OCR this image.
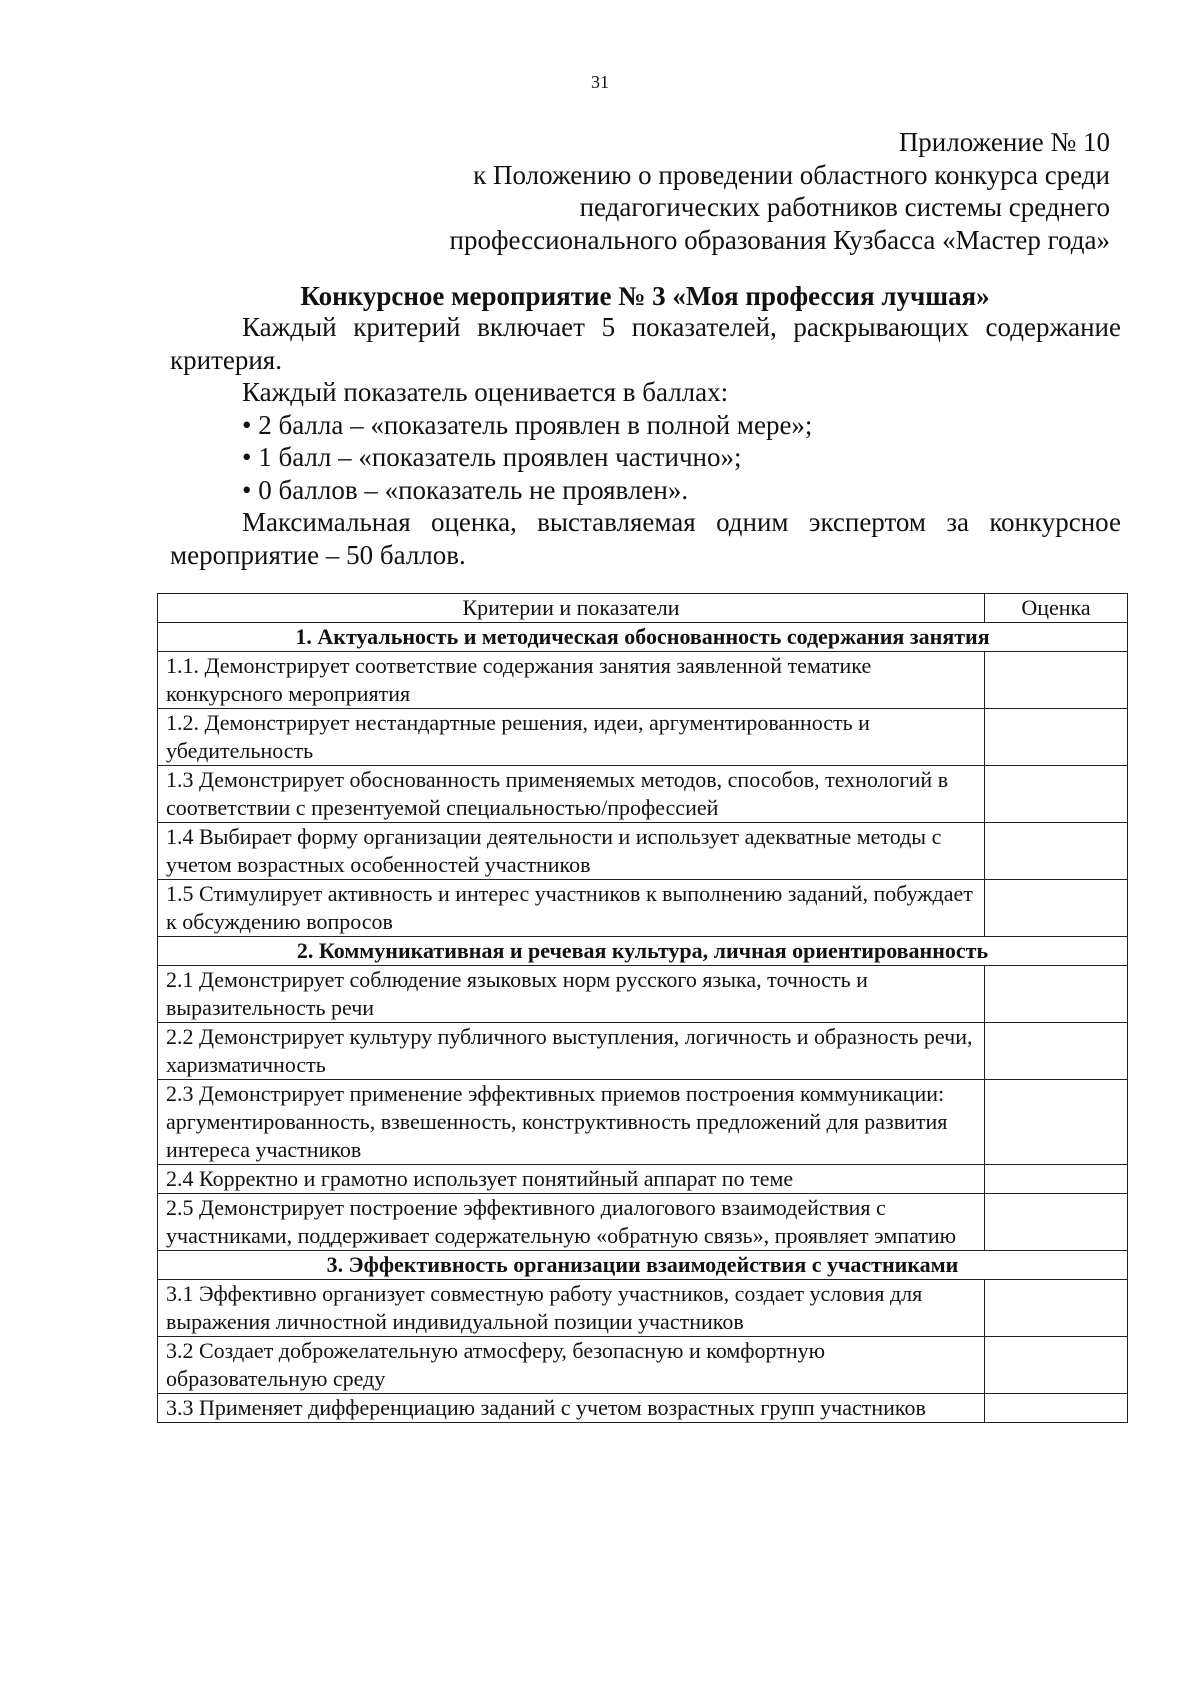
31
Приложение № 10
к Положению о проведении областного конкурса среди
педагогических работников системы среднего
профессионального образования Кузбасса «Мастер года»
Конкурсное мероприятие № 3 «Моя профессия лучшая»

Каждый критерий включает 5 показателей, раскрывающих содержание критерия.

Каждый показатель оценивается в баллах:

• 2 балла – «показатель проявлен в полной мере»;

• 1 балл – «показатель проявлен частично»;

• 0 баллов – «показатель не проявлен».

Максимальная оценка, выставляемая одним экспертом за конкурсное мероприятие – 50 баллов.

Критерии и показатели	Оценка
1. Актуальность и методическая обоснованность содержания занятия	
1.1. Демонстрирует соответствие содержания занятия заявленной тематике конкурсного мероприятия	
1.2. Демонстрирует нестандартные решения, идеи, аргументированность и убедительность	
1.3 Демонстрирует обоснованность применяемых методов, способов, технологий в соответствии с презентуемой специальностью/профессией	
1.4 Выбирает форму организации деятельности и использует адекватные методы с учетом возрастных особенностей участников	
1.5 Стимулирует активность и интерес участников к выполнению заданий, побуждает к обсуждению вопросов	
2. Коммуникативная и речевая культура, личная ориентированность	
2.1 Демонстрирует соблюдение языковых норм русского языка, точность и выразительность речи	
2.2 Демонстрирует культуру публичного выступления, логичность и образность речи, харизматичность	
2.3 Демонстрирует применение эффективных приемов построения коммуникации: аргументированность, взвешенность, конструктивность предложений для развития интереса участников	
2.4 Корректно и грамотно использует понятийный аппарат по теме	
2.5 Демонстрирует построение эффективного диалогового взаимодействия с участниками, поддерживает содержательную «обратную связь», проявляет эмпатию	
3. Эффективность организации взаимодействия с участниками	
3.1 Эффективно организует совместную работу участников, создает условия для выражения личностной индивидуальной позиции участников	
3.2 Создает доброжелательную атмосферу, безопасную и комфортную образовательную среду	
3.3 Применяет дифференциацию заданий с учетом возрастных групп участников	
